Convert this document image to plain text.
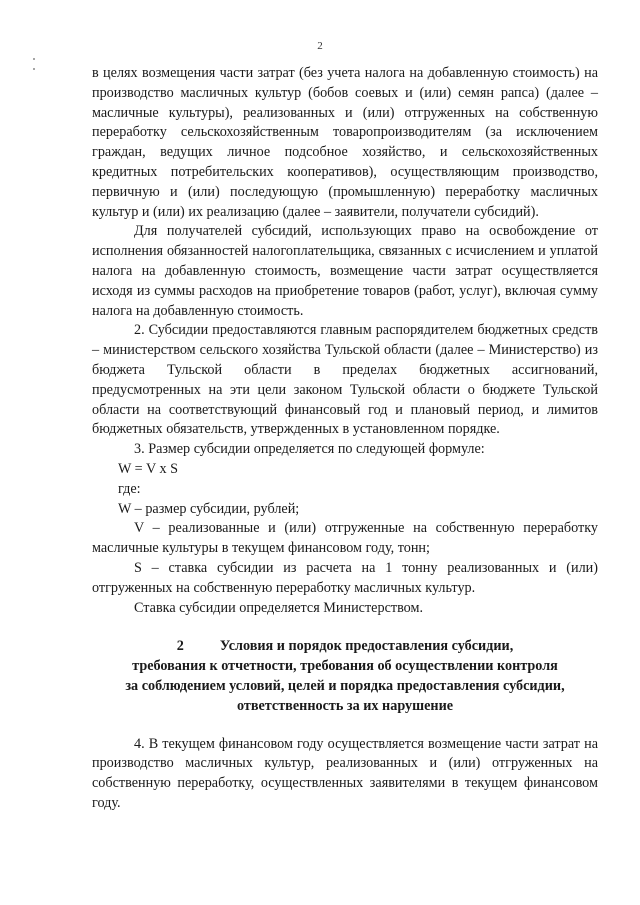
2

в целях возмещения части затрат (без учета налога на добавленную стоимость) на производство масличных культур (бобов соевых и (или) семян рапса) (далее – масличные культуры), реализованных и (или) отгруженных на собственную переработку сельскохозяйственным товаропроизводителям (за исключением граждан, ведущих личное подсобное хозяйство, и сельскохозяйственных кредитных потребительских кооперативов), осуществляющим производство, первичную и (или) последующую (промышленную) переработку масличных культур и (или) их реализацию (далее – заявители, получатели субсидий).

Для получателей субсидий, использующих право на освобождение от исполнения обязанностей налогоплательщика, связанных с исчислением и уплатой налога на добавленную стоимость, возмещение части затрат осуществляется исходя из суммы расходов на приобретение товаров (работ, услуг), включая сумму налога на добавленную стоимость.

2. Субсидии предоставляются главным распорядителем бюджетных средств – министерством сельского хозяйства Тульской области (далее – Министерство) из бюджета Тульской области в пределах бюджетных ассигнований, предусмотренных на эти цели законом Тульской области о бюджете Тульской области на соответствующий финансовый год и плановый период, и лимитов бюджетных обязательств, утвержденных в установленном порядке.

3. Размер субсидии определяется по следующей формуле:

W = V x S

где:

W – размер субсидии, рублей;

V – реализованные и (или) отгруженные на собственную переработку масличные культуры в текущем финансовом году, тонн;

S – ставка субсидии из расчета на 1 тонну реализованных и (или) отгруженных на собственную переработку масличных культур.

Ставка субсидии определяется Министерством.

2	Условия и порядок предоставления субсидии,
требования к отчетности, требования об осуществлении контроля
за соблюдением условий, целей и порядка предоставления субсидии,
ответственность за их нарушение

4. В текущем финансовом году осуществляется возмещение части затрат на производство масличных культур, реализованных и (или) отгруженных на собственную переработку, осуществленных заявителями в текущем финансовом году.
